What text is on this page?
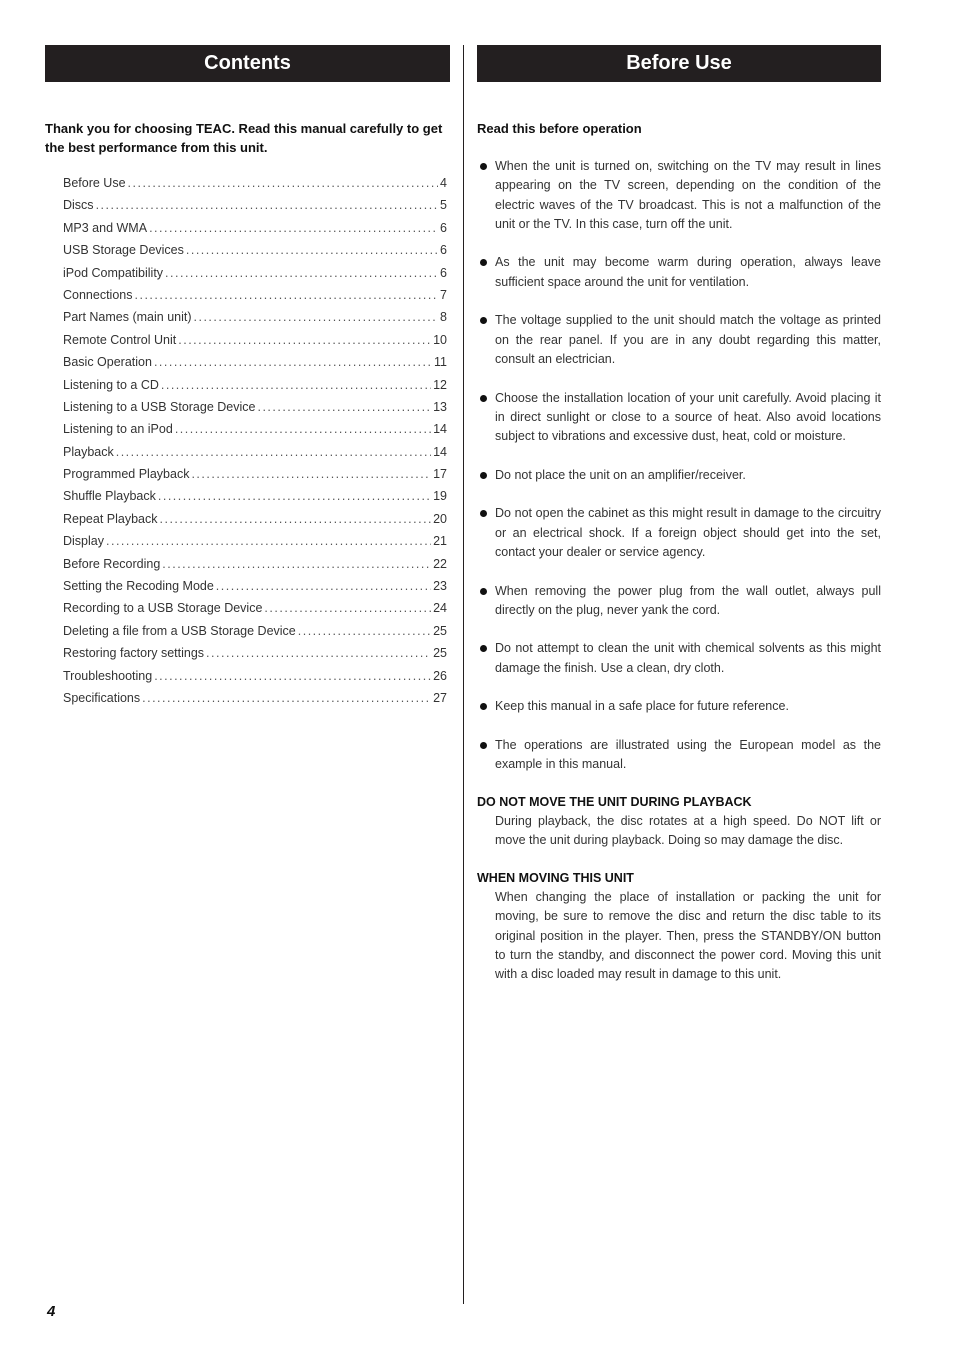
Contents	Before Use
Thank you for choosing TEAC. Read this manual carefully to get the best performance from this unit.
Before Use .....	4
Discs .....	5
MP3 and WMA .....	6
USB Storage Devices .....	6
iPod Compatibility .....	6
Connections .....	7
Part Names (main unit) .....	8
Remote Control Unit .....	10
Basic Operation .....	11
Listening to a CD .....	12
Listening to a USB Storage Device .....	13
Listening to an iPod .....	14
Playback .....	14
Programmed Playback .....	17
Shuffle Playback .....	19
Repeat Playback .....	20
Display .....	21
Before Recording .....	22
Setting the Recoding Mode .....	23
Recording to a USB Storage Device .....	24
Deleting a file from a USB Storage Device .....	25
Restoring factory settings .....	25
Troubleshooting .....	26
Specifications .....	27
Read this before operation
When the unit is turned on, switching on the TV may result in lines appearing on the TV screen, depending on the condition of the electric waves of the TV broadcast. This is not a malfunction of the unit or the TV. In this case, turn off the unit.
As the unit may become warm during operation, always leave sufficient space around the unit for ventilation.
The voltage supplied to the unit should match the voltage as printed on the rear panel. If you are in any doubt regarding this matter, consult an electrician.
Choose the installation location of your unit carefully. Avoid placing it in direct sunlight or close to a source of heat. Also avoid locations subject to vibrations and excessive dust, heat, cold or moisture.
Do not place the unit on an amplifier/receiver.
Do not open the cabinet as this might result in damage to the circuitry or an electrical shock. If a foreign object should get into the set, contact your dealer or service agency.
When removing the power plug from the wall outlet, always pull directly on the plug, never yank the cord.
Do not attempt to clean the unit with chemical solvents as this might damage the finish. Use a clean, dry cloth.
Keep this manual in a safe place for future reference.
The operations are illustrated using the European model as the example in this manual.
DO NOT MOVE THE UNIT DURING PLAYBACK
During playback, the disc rotates at a high speed. Do NOT lift or move the unit during playback. Doing so may damage the disc.
WHEN MOVING THIS UNIT
When changing the place of installation or packing the unit for moving, be sure to remove the disc and return the disc table to its original position in the player. Then, press the STANDBY/ON button to turn the standby, and disconnect the power cord. Moving this unit with a disc loaded may result in damage to this unit.
4
